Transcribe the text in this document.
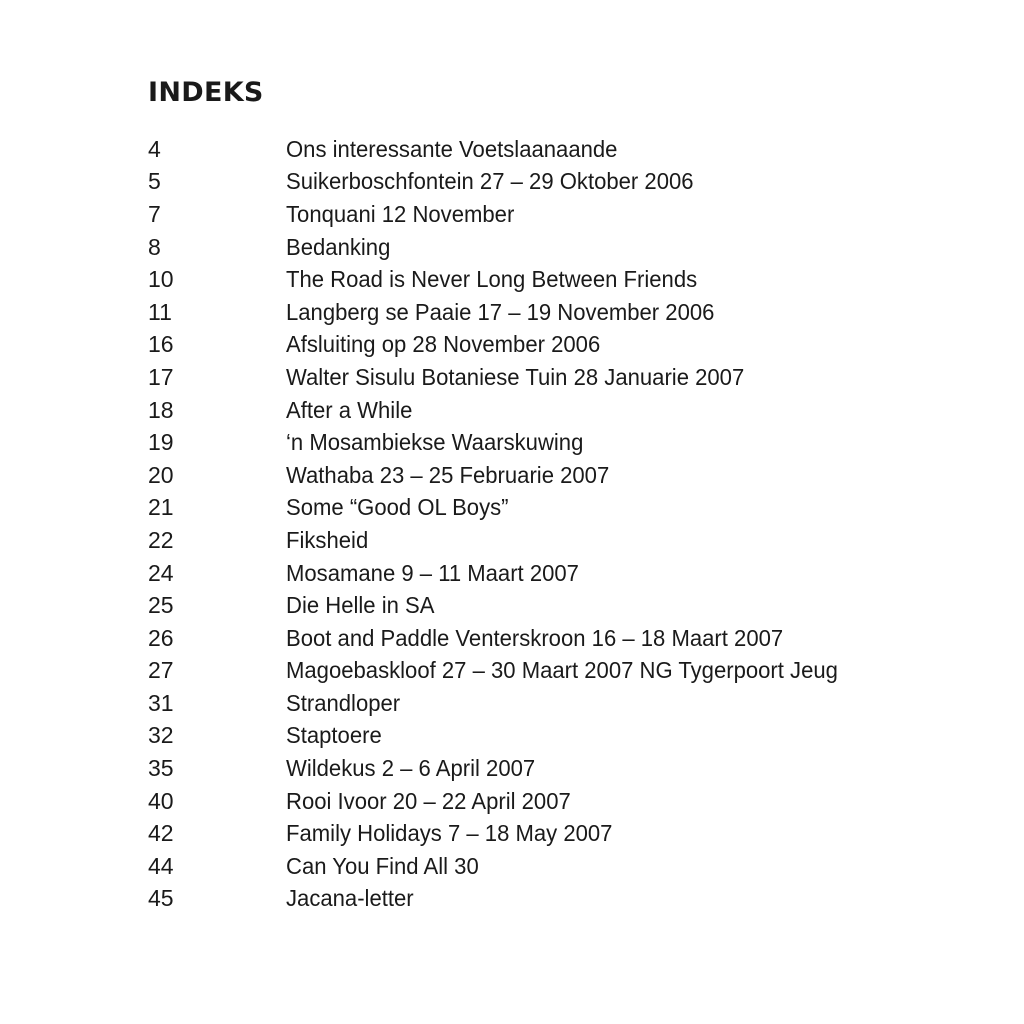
INDEKS
4	Ons interessante Voetslaanaande
5	Suikerboschfontein 27 – 29 Oktober 2006
7	Tonquani 12 November
8	Bedanking
10	The Road is Never Long Between Friends
11	Langberg se Paaie 17 – 19 November 2006
16	Afsluiting op 28 November 2006
17	Walter Sisulu Botaniese Tuin 28 Januarie 2007
18	After a While
19	‘n Mosambiekse Waarskuwing
20	Wathaba 23 – 25 Februarie 2007
21	Some “Good OL Boys”
22	Fiksheid
24	Mosamane 9 – 11 Maart 2007
25	Die Helle in SA
26	Boot and Paddle Venterskroon 16 – 18 Maart 2007
27	Magoebaskloof 27 – 30 Maart 2007 NG Tygerpoort Jeug
31	Strandloper
32	Staptoere
35	Wildekus 2 – 6 April 2007
40	Rooi Ivoor 20 – 22 April 2007
42	Family Holidays 7 – 18 May 2007
44	Can You Find All 30
45	Jacana-letter
